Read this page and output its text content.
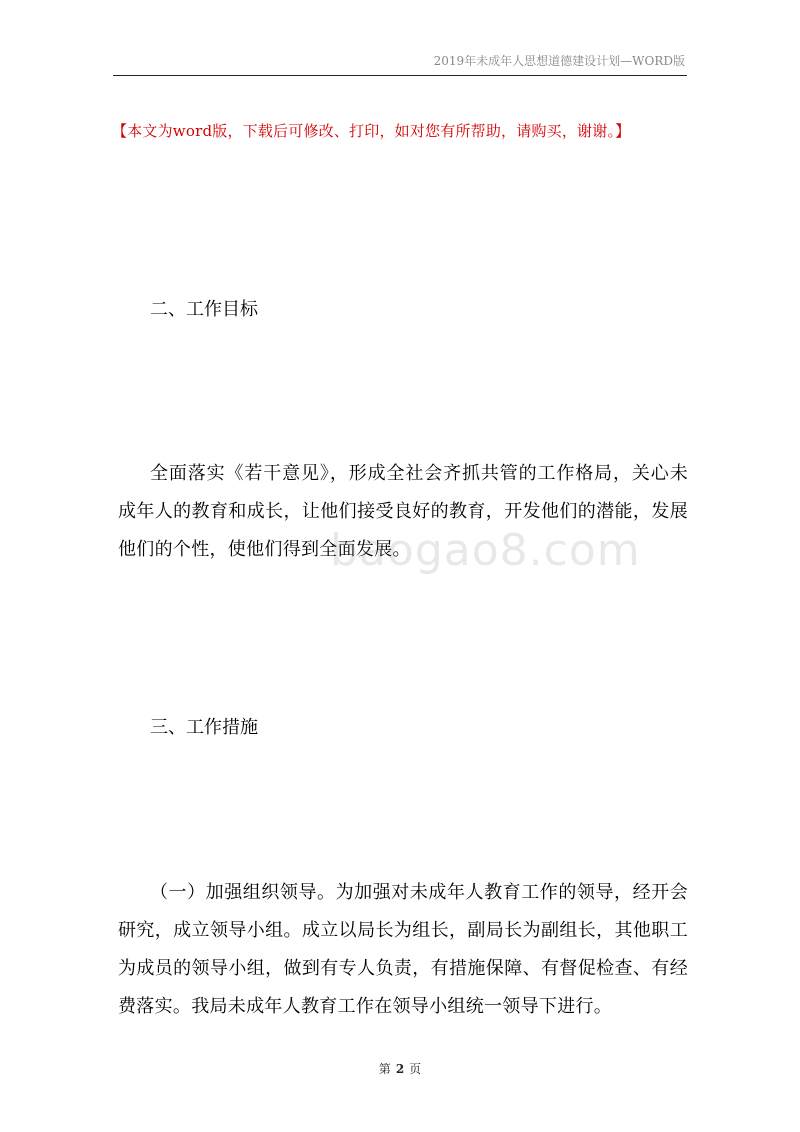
2019年未成年人思想道德建设计划—WORD版
【本文为word版，下载后可修改、打印，如对您有所帮助，请购买，谢谢。】
二、工作目标
全面落实《若干意见》，形成全社会齐抓共管的工作格局，关心未成年人的教育和成长，让他们接受良好的教育，开发他们的潜能，发展他们的个性，使他们得到全面发展。
baogao8.com
三、工作措施
（一）加强组织领导。为加强对未成年人教育工作的领导，经开会研究，成立领导小组。成立以局长为组长，副局长为副组长，其他职工为成员的领导小组，做到有专人负责，有措施保障、有督促检查、有经费落实。我局未成年人教育工作在领导小组统一领导下进行。
第 2 页
